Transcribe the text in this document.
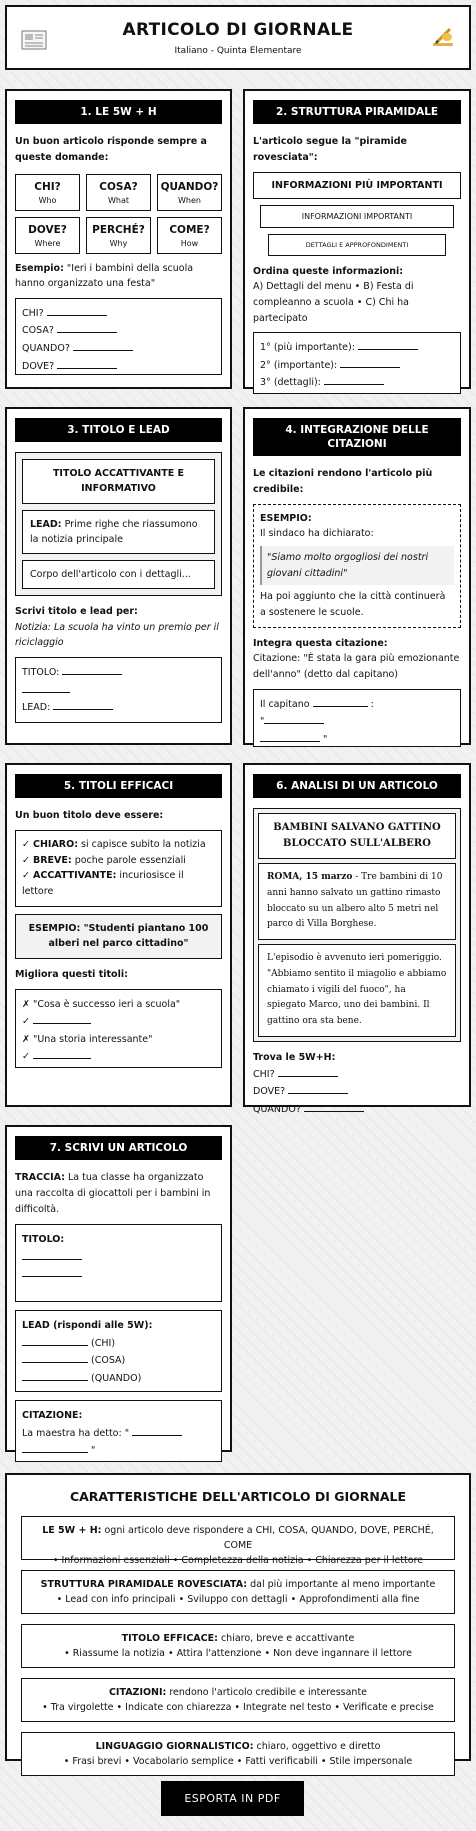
ARTICOLO DI GIORNALE
Italiano - Quinta Elementare
1. LE 5W + H

Un buon articolo risponde sempre a queste domande:

CHI?
Who
COSA?
What
QUANDO?
When
DOVE?
Where
PERCHÉ?
Why
COME?
How

Esempio: "Ieri i bambini della scuola hanno organizzato una festa"

CHI?
COSA?
QUANDO?
DOVE?
2. STRUTTURA PIRAMIDALE

L'articolo segue la "piramide rovesciata":

INFORMAZIONI PIÙ IMPORTANTI
INFORMAZIONI IMPORTANTI
DETTAGLI E APPROFONDIMENTI

Ordina queste informazioni:

A) Dettagli del menu • B) Festa di compleanno a scuola • C) Chi ha partecipato

1° (più importante):
2° (importante):
3° (dettagli):
3. TITOLO E LEAD
TITOLO ACCATTIVANTE E INFORMATIVO
LEAD: Prime righe che riassumono la notizia principale
Corpo dell'articolo con i dettagli...

Scrivi titolo e lead per:

Notizia: La scuola ha vinto un premio per il riciclaggio

TITOLO:
LEAD:
4. INTEGRAZIONE DELLE CITAZIONI

Le citazioni rendono l'articolo più credibile:

ESEMPIO:

Il sindaco ha dichiarato:

"Siamo molto orgogliosi dei nostri giovani cittadini"

Ha poi aggiunto che la città continuerà a sostenere le scuole.

Integra questa citazione:

Citazione: "È stata la gara più emozionante dell'anno" (detto dal capitano)

Il capitano	:
"
"
5. TITOLI EFFICACI

Un buon titolo deve essere:

✓ CHIARO: si capisce subito la notizia

✓ BREVE: poche parole essenziali

✓ ACCATTIVANTE: incuriosisce il lettore

ESEMPIO: "Studenti piantano 100 alberi nel parco cittadino"

Migliora questi titoli:

✗ "Cosa è successo ieri a scuola"
✓
✗ "Una storia interessante"
✓
6. ANALISI DI UN ARTICOLO
BAMBINI SALVANO GATTINO BLOCCATO SULL'ALBERO

ROMA, 15 marzo - Tre bambini di 10 anni hanno salvato un gattino rimasto bloccato su un albero alto 5 metri nel parco di Villa Borghese.

L'episodio è avvenuto ieri pomeriggio. "Abbiamo sentito il miagolio e abbiamo chiamato i vigili del fuoco", ha spiegato Marco, uno dei bambini. Il gattino ora sta bene.

Trova le 5W+H:

CHI?
DOVE?
QUANDO?
7. SCRIVI UN ARTICOLO

TRACCIA: La tua classe ha organizzato una raccolta di giocattoli per i bambini in difficoltà.

TITOLO:
LEAD (rispondi alle 5W):
(CHI)
(COSA)
(QUANDO)
CITAZIONE:
La maestra ha detto: "
"
CARATTERISTICHE DELL'ARTICOLO DI GIORNALE
LE 5W + H: ogni articolo deve rispondere a CHI, COSA, QUANDO, DOVE, PERCHÉ, COME
• Informazioni essenziali • Completezza della notizia • Chiarezza per il lettore
STRUTTURA PIRAMIDALE ROVESCIATA: dal più importante al meno importante
• Lead con info principali • Sviluppo con dettagli • Approfondimenti alla fine
TITOLO EFFICACE: chiaro, breve e accattivante
• Riassume la notizia • Attira l'attenzione • Non deve ingannare il lettore
CITAZIONI: rendono l'articolo credibile e interessante
• Tra virgolette • Indicate con chiarezza • Integrate nel testo • Verificate e precise
LINGUAGGIO GIORNALISTICO: chiaro, oggettivo e diretto
• Frasi brevi • Vocabolario semplice • Fatti verificabili • Stile impersonale
ESPORTA IN PDF
